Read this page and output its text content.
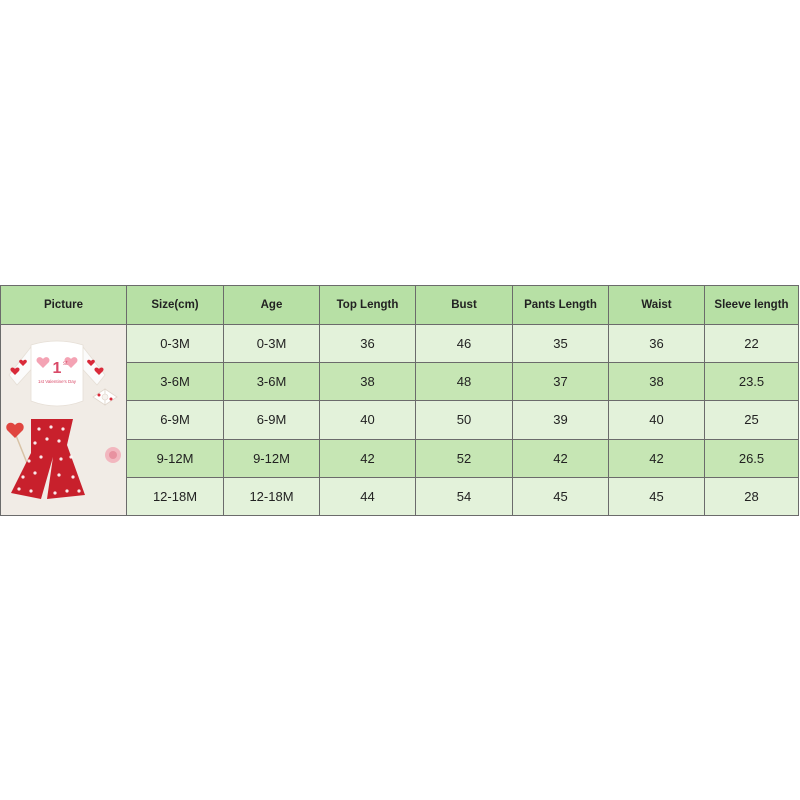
Picture	Size(cm)	Age	Top Length	Bust	Pants Length	Waist	Sleeve length

1 st
1st Valentine's Day	0-3M	0-3M	36	46	35	36	22
	3-6M	3-6M	38	48	37	38	23.5
	6-9M	6-9M	40	50	39	40	25
	9-12M	9-12M	42	52	42	42	26.5
	12-18M	12-18M	44	54	45	45	28
